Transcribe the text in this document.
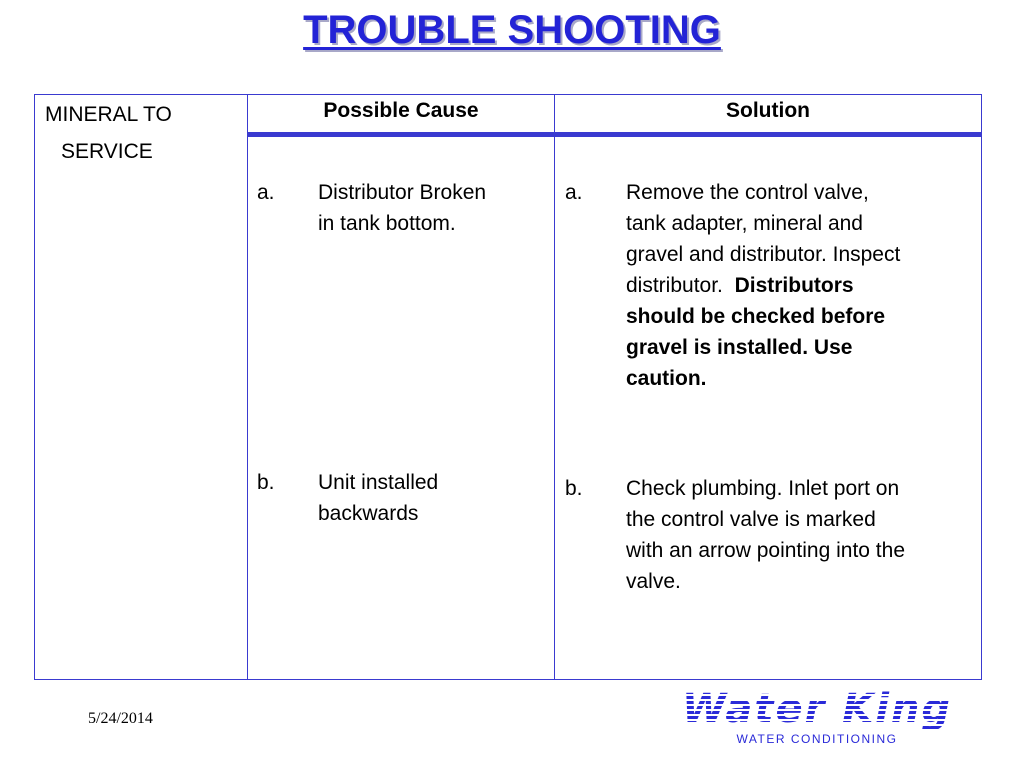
TROUBLE SHOOTING
MINERAL TO
SERVICE
Possible Cause	Solution
a. Distributor Broken
in tank bottom.
b. Unit installed
backwards
a. Remove the control valve,
tank adapter, mineral and
gravel and distributor. Inspect
distributor. Distributors
should be checked before
gravel is installed. Use
caution.
b. Check plumbing. Inlet port on
the control valve is marked
with an arrow pointing into the
valve.
5/24/2014	Water King
WATER CONDITIONING
